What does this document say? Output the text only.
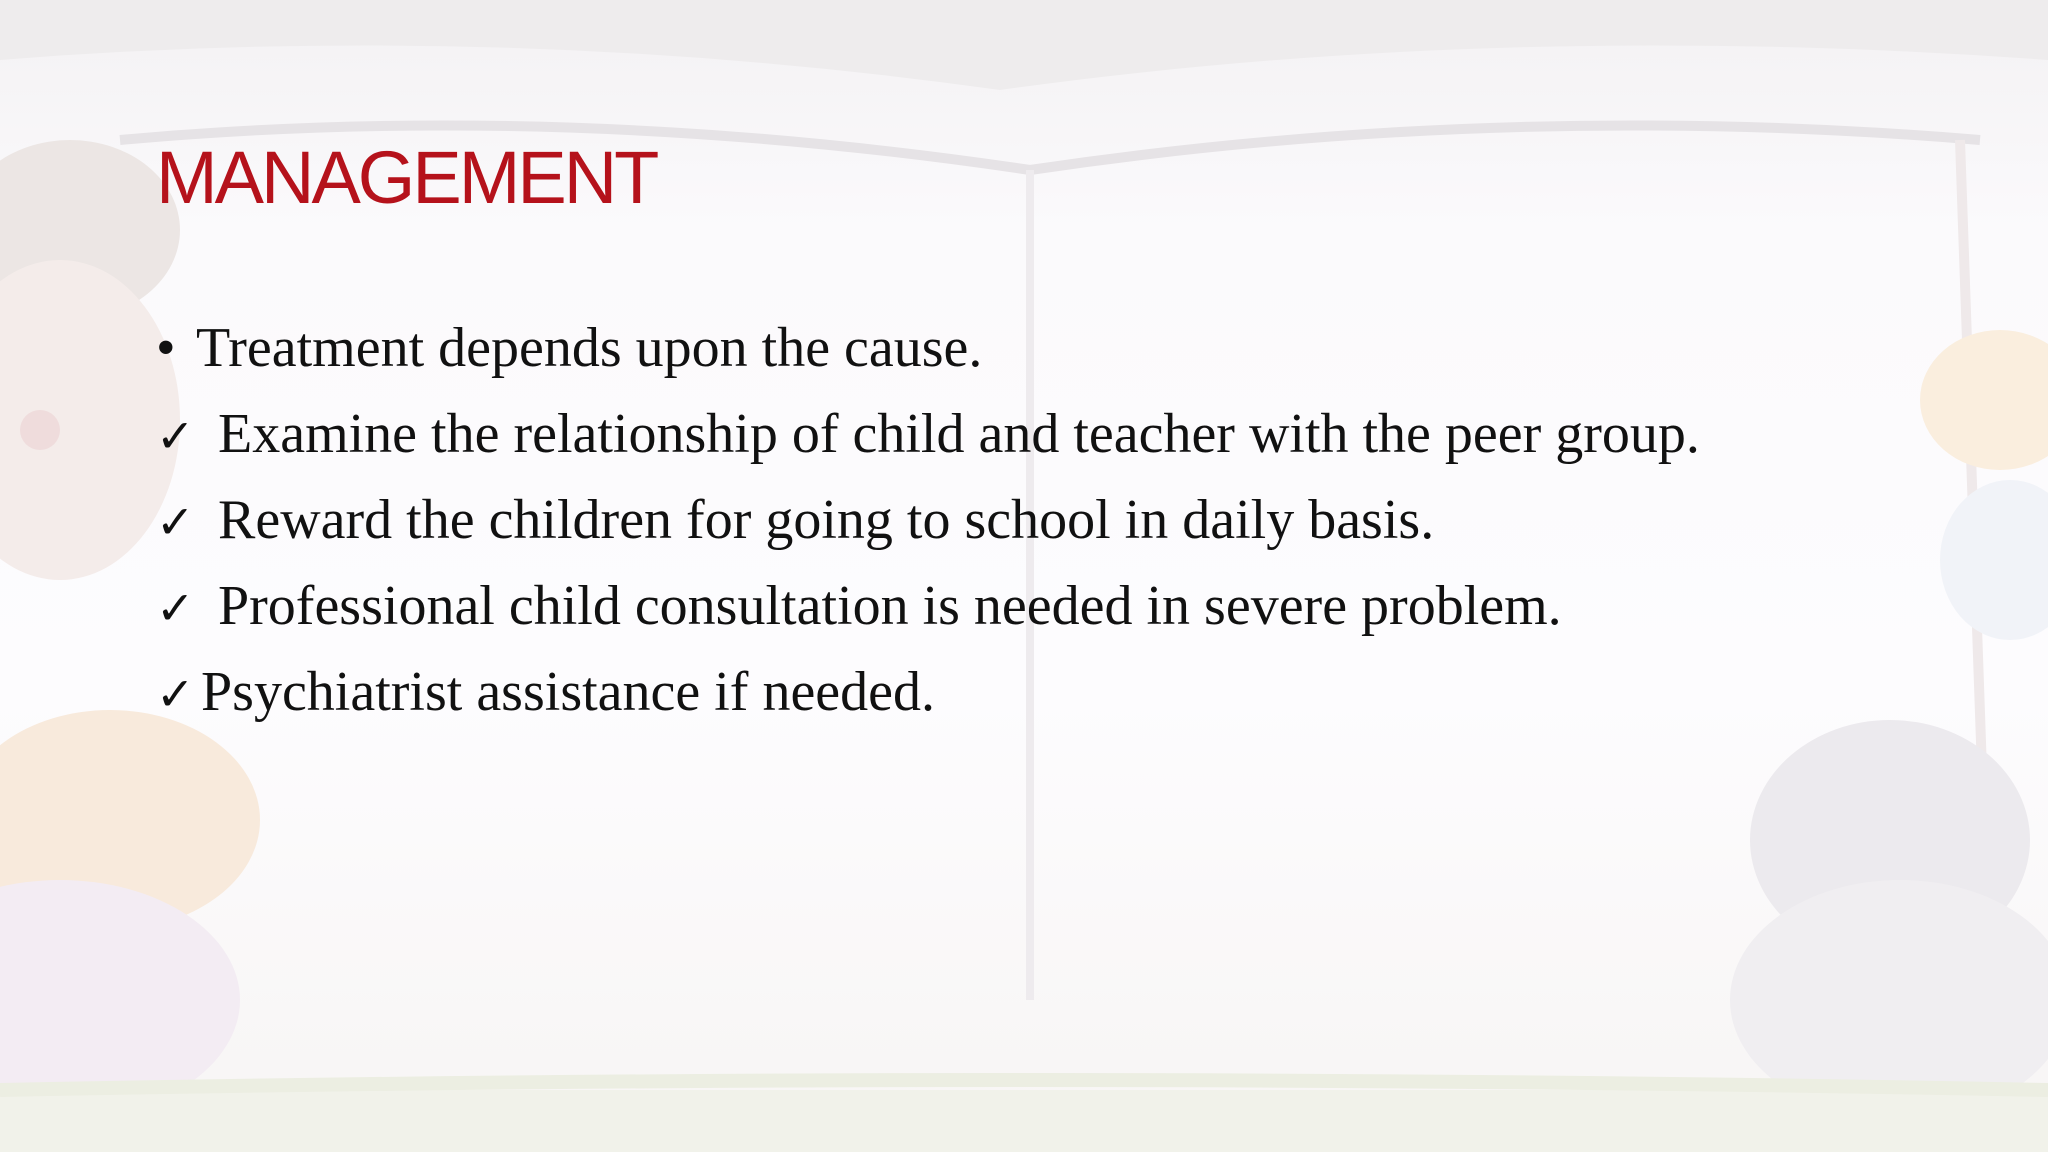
MANAGEMENT
• Treatment depends upon the cause.
✓ Examine the relationship of child and teacher with the peer group.
✓ Reward the children for going to school in daily basis.
✓ Professional child consultation is needed in severe problem.
✓ Psychiatrist assistance if needed.
